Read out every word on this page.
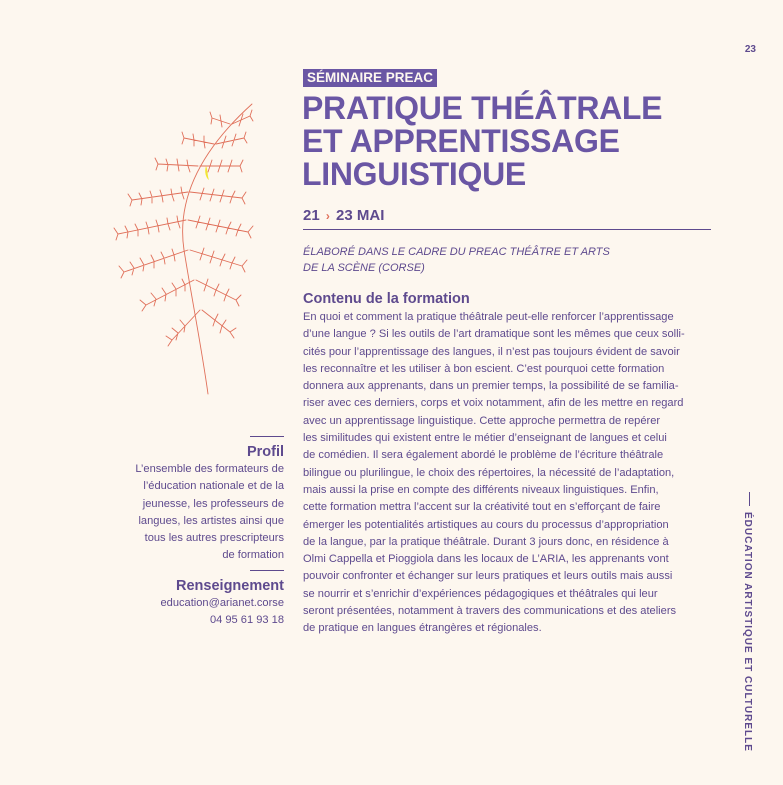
23
ÉDUCATION ARTISTIQUE ET CULTURELLE
SÉMINAIRE PREAC
PRATIQUE THÉÂTRALE
ET APPRENTISSAGE
LINGUISTIQUE
21 › 23 MAI
ÉLABORÉ DANS LE CADRE DU PREAC THÉÂTRE ET ARTS
DE LA SCÈNE (CORSE)
Contenu de la formation
En quoi et comment la pratique théâtrale peut-elle renforcer l’apprentissage
d’une langue ? Si les outils de l’art dramatique sont les mêmes que ceux solli-
cités pour l’apprentissage des langues, il n’est pas toujours évident de savoir
les reconnaître et les utiliser à bon escient. C’est pourquoi cette formation
donnera aux apprenants, dans un premier temps, la possibilité de se familia-
riser avec ces derniers, corps et voix notamment, afin de les mettre en regard
avec un apprentissage linguistique. Cette approche permettra de repérer
les similitudes qui existent entre le métier d’enseignant de langues et celui
de comédien. Il sera également abordé le problème de l’écriture théâtrale
bilingue ou plurilingue, le choix des répertoires, la nécessité de l’adaptation,
mais aussi la prise en compte des différents niveaux linguistiques. Enfin,
cette formation mettra l’accent sur la créativité tout en s’efforçant de faire
émerger les potentialités artistiques au cours du processus d’appropriation
de la langue, par la pratique théâtrale. Durant 3 jours donc, en résidence à
Olmi Cappella et Pioggiola dans les locaux de L’ARIA, les apprenants vont
pouvoir confronter et échanger sur leurs pratiques et leurs outils mais aussi
se nourrir et s’enrichir d’expériences pédagogiques et théâtrales qui leur
seront présentées, notamment à travers des communications et des ateliers
de pratique en langues étrangères et régionales.
Profil
L’ensemble des formateurs de
l’éducation nationale et de la
jeunesse, les professeurs de
langues, les artistes ainsi que
tous les autres prescripteurs
de formation
Renseignement
education@arianet.corse
04 95 61 93 18
